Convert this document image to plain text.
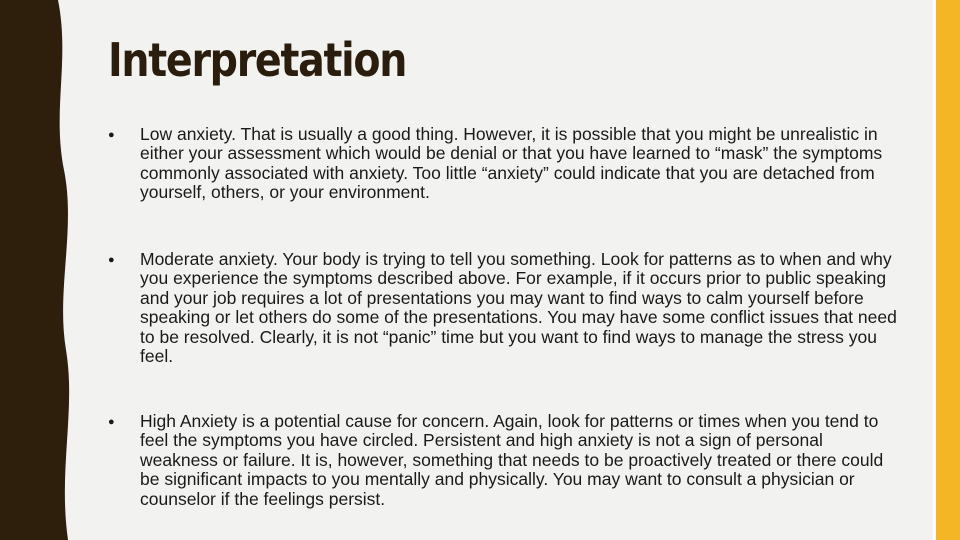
Interpretation
●	Low anxiety. That is usually a good thing. However, it is possible that you might be unrealistic in either your assessment which would be denial or that you have learned to “mask” the symptoms commonly associated with anxiety. Too little “anxiety” could indicate that you are detached from yourself, others, or your environment.
●	Moderate anxiety. Your body is trying to tell you something. Look for patterns as to when and why you experience the symptoms described above. For example, if it occurs prior to public speaking and your job requires a lot of presentations you may want to find ways to calm yourself before speaking or let others do some of the presentations. You may have some conflict issues that need to be resolved. Clearly, it is not “panic” time but you want to find ways to manage the stress you feel.
●	High Anxiety is a potential cause for concern. Again, look for patterns or times when you tend to feel the symptoms you have circled. Persistent and high anxiety is not a sign of personal weakness or failure. It is, however, something that needs to be proactively treated or there could be significant impacts to you mentally and physically. You may want to consult a physician or counselor if the feelings persist.
